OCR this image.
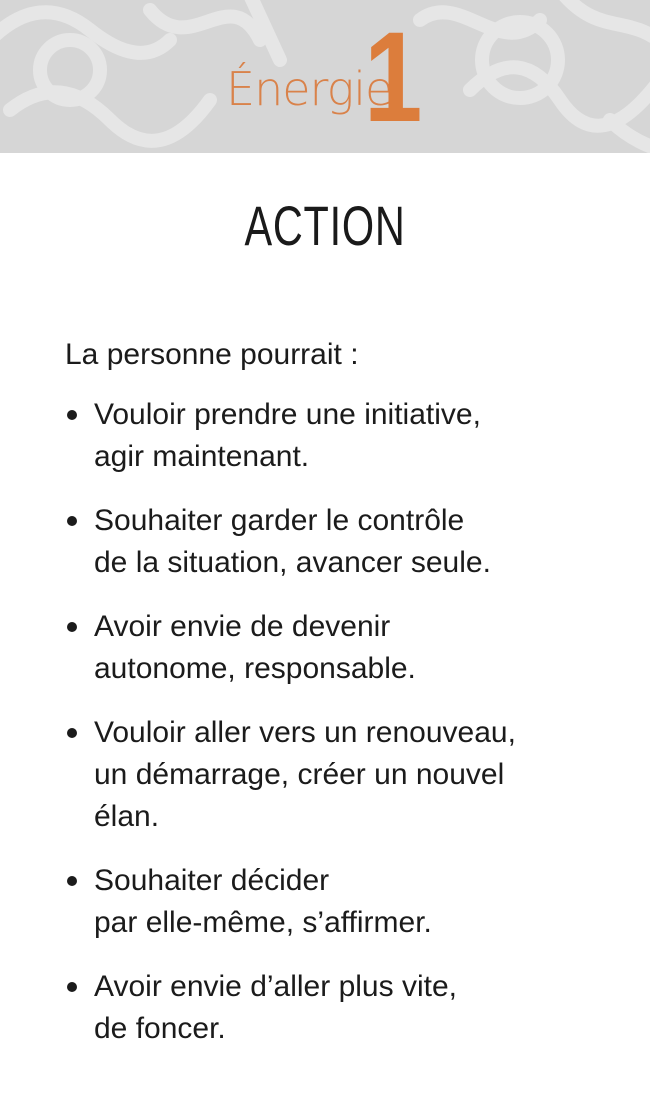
Énergie
1
ACTION
La personne pourrait :
Vouloir prendre une initiative,
agir maintenant.
Souhaiter garder le contrôle
de la situation, avancer seule.
Avoir envie de devenir
autonome, responsable.
Vouloir aller vers un renouveau,
un démarrage, créer un nouvel
élan.
Souhaiter décider
par elle-même, s’affirmer.
Avoir envie d’aller plus vite,
de foncer.
